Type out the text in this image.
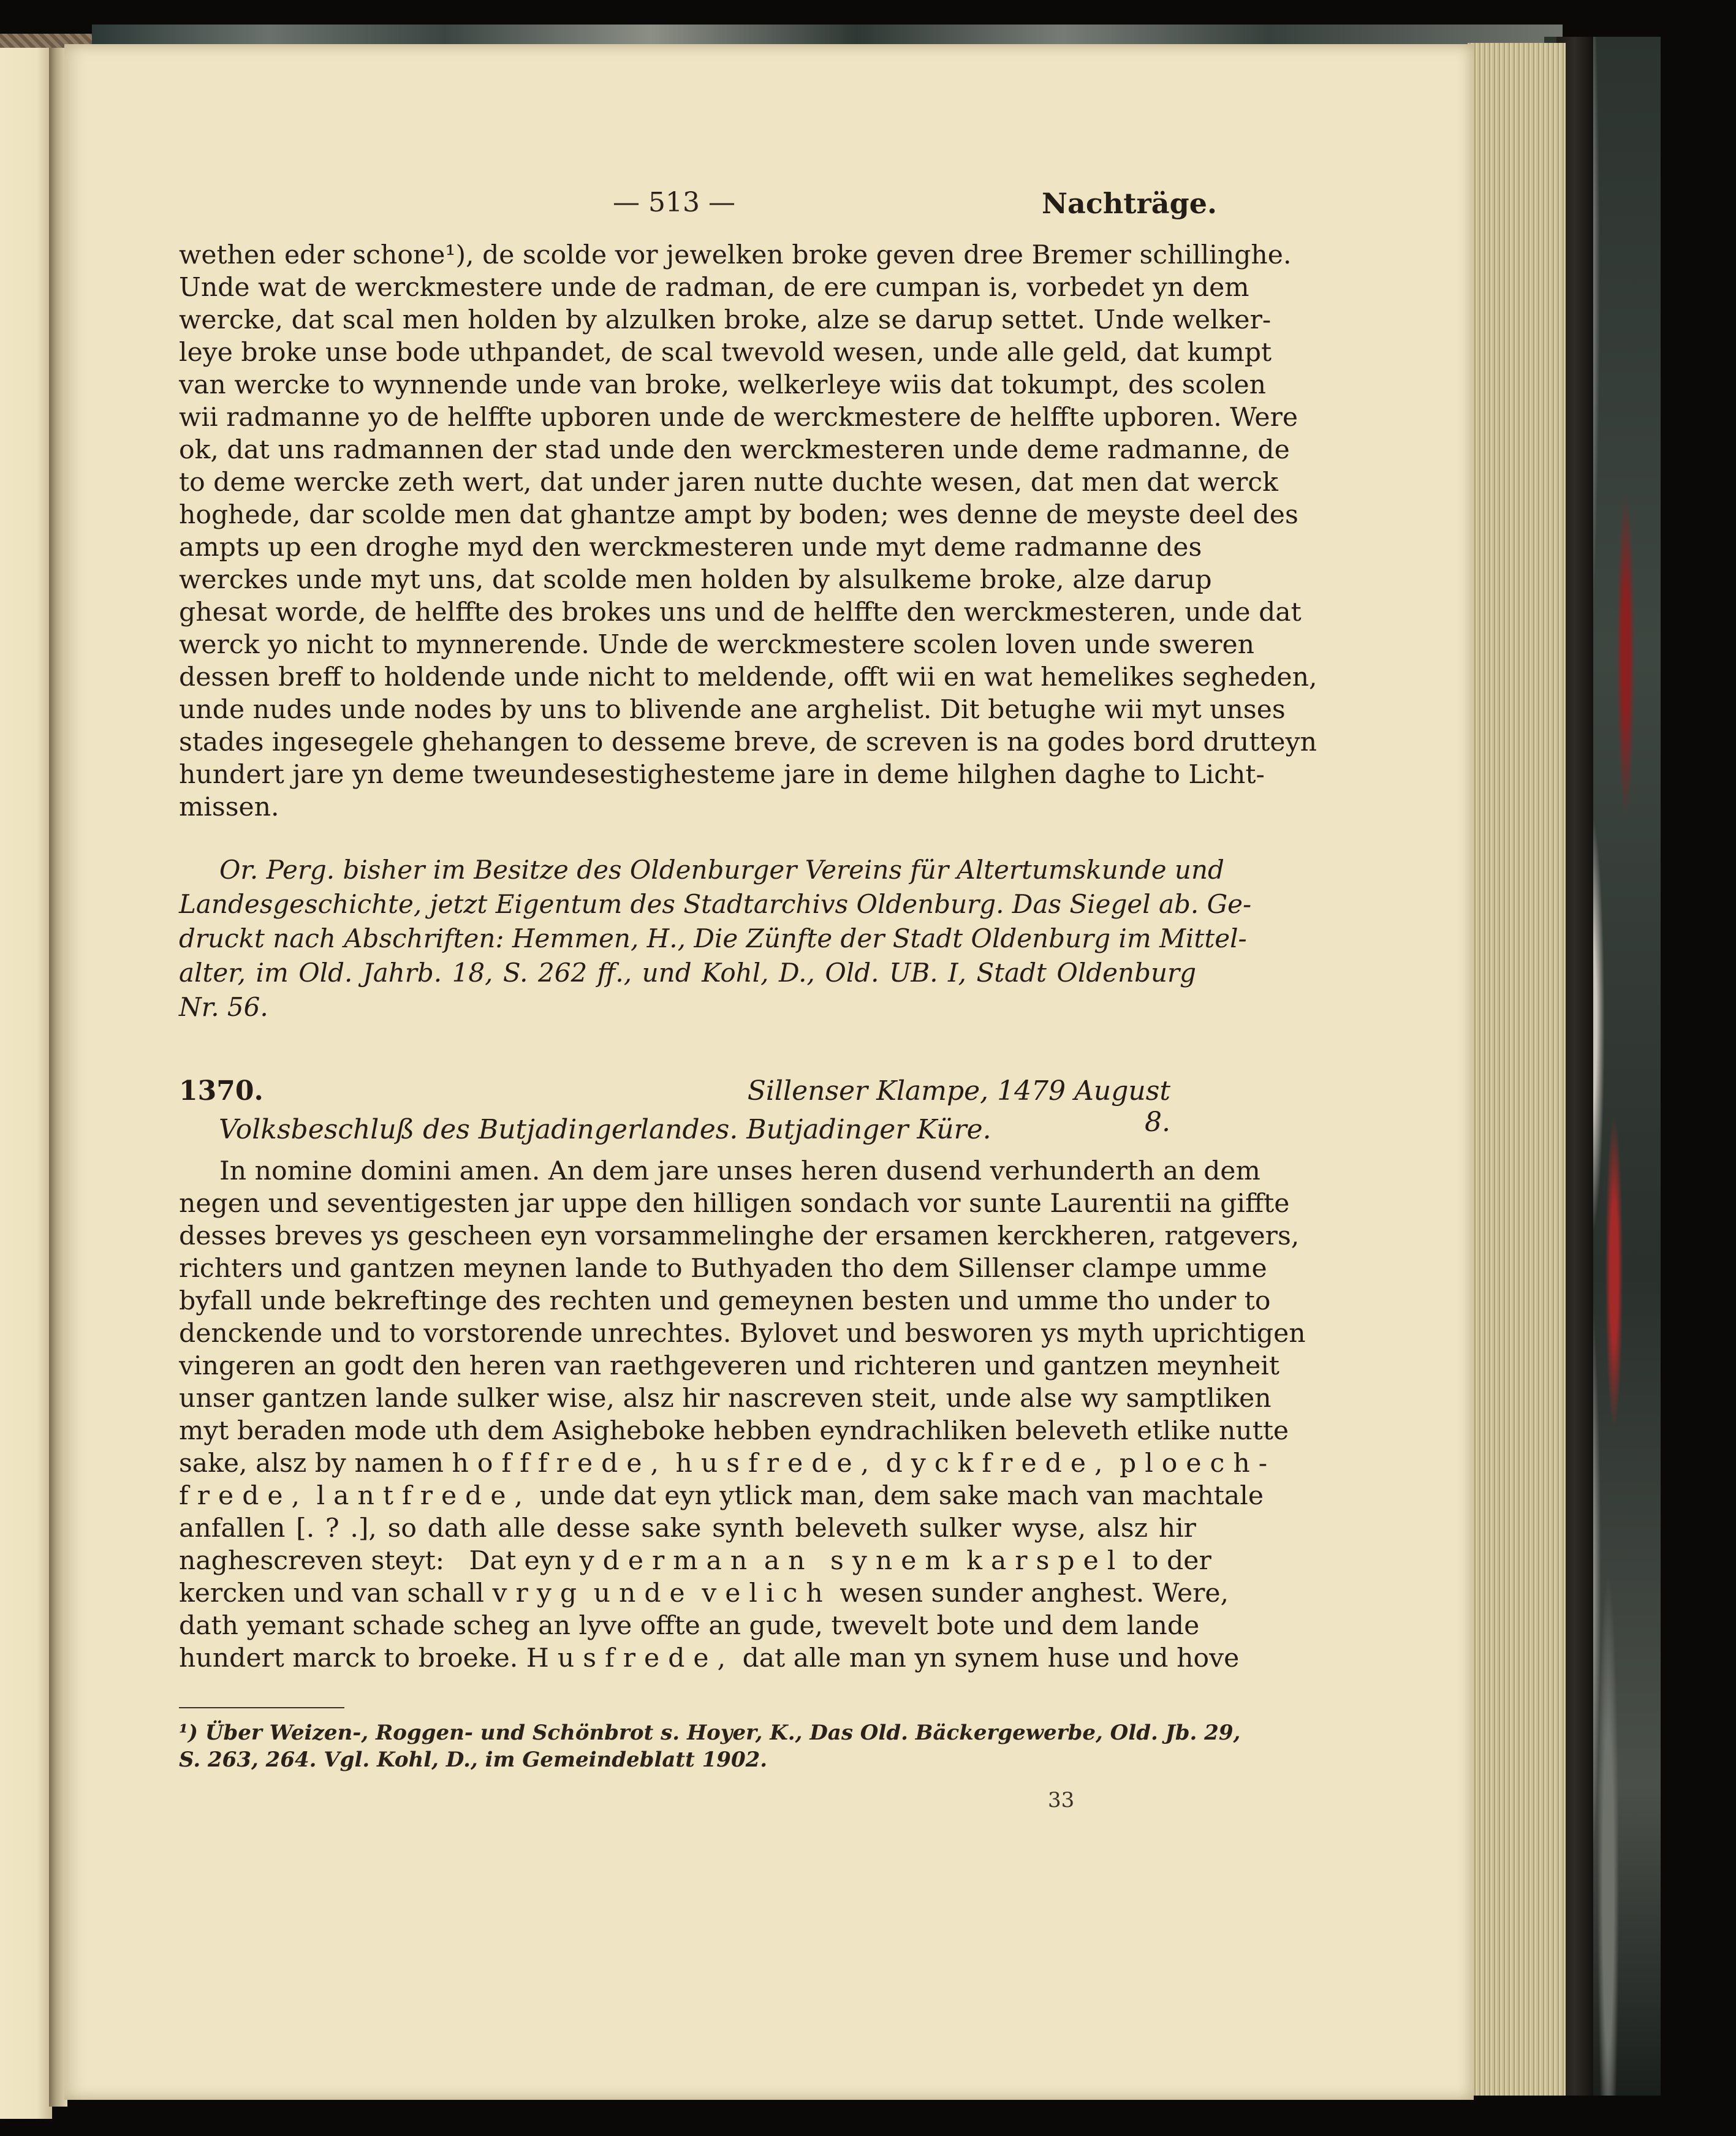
— 513 —	Nachträge.
wethen eder schone¹), de scolde vor jewelken broke geven dree Bremer schillinghe.
Unde wat de werckmestere unde de radman, de ere cumpan is, vorbedet yn dem
wercke, dat scal men holden by alzulken broke, alze se darup settet. Unde welker-
leye broke unse bode uthpandet, de scal twevold wesen, unde alle geld, dat kumpt
van wercke to wynnende unde van broke, welkerleye wiis dat tokumpt, des scolen
wii radmanne yo de helffte upboren unde de werckmestere de helffte upboren. Were
ok, dat uns radmannen der stad unde den werckmesteren unde deme radmanne, de
to deme wercke zeth wert, dat under jaren nutte duchte wesen, dat men dat werck
hoghede, dar scolde men dat ghantze ampt by boden; wes denne de meyste deel des
ampts up een droghe myd den werckmesteren unde myt deme radmanne des
werckes unde myt uns, dat scolde men holden by alsulkeme broke, alze darup
ghesat worde, de helffte des brokes uns und de helffte den werckmesteren, unde dat
werck yo nicht to mynnerende. Unde de werckmestere scolen loven unde sweren
dessen breff to holdende unde nicht to meldende, offt wii en wat hemelikes segheden,
unde nudes unde nodes by uns to blivende ane arghelist. Dit betughe wii myt unses
stades ingesegele ghehangen to desseme breve, de screven is na godes bord drutteyn
hundert jare yn deme tweundesestighesteme jare in deme hilghen daghe to Licht-
missen.
Or. Perg. bisher im Besitze des Oldenburger Vereins für Altertumskunde und
Landesgeschichte, jetzt Eigentum des Stadtarchivs Oldenburg. Das Siegel ab. Ge-
druckt nach Abschriften: Hemmen, H., Die Zünfte der Stadt Oldenburg im Mittel-
alter, im Old. Jahrb. 18, S. 262 ff., und Kohl, D., Old. UB. I, Stadt Oldenburg
Nr. 56.
1370.	Sillenser Klampe, 1479 August 8.
Volksbeschluß des Butjadingerlandes. Butjadinger Küre.
In nomine domini amen. An dem jare unses heren dusend verhunderth an dem
negen und seventigesten jar uppe den hilligen sondach vor sunte Laurentii na giffte
desses breves ys gescheen eyn vorsammelinghe der ersamen kerckheren, ratgevers,
richters und gantzen meynen lande to Buthyaden tho dem Sillenser clampe umme
byfall unde bekreftinge des rechten und gemeynen besten und umme tho under to
denckende und to vorstorende unrechtes. Bylovet und besworen ys myth uprichtigen
vingeren an godt den heren van raethgeveren und richteren und gantzen meynheit
unser gantzen lande sulker wise, alsz hir nascreven steit, unde alse wy samptliken
myt beraden mode uth dem Asigheboke hebben eyndrachliken beleveth etlike nutte
sake, alsz by namen hofffrede, husfrede, dyckfrede, ploech-
frede, lantfrede, unde dat eyn ytlick man, dem sake mach van machtale
anfallen [. ? .], so dath alle desse sake synth beleveth sulker wyse, alsz hir
naghescreven steyt: Dat eyn yderman an synem karspel to der
kercken und van schall vryg unde velich wesen sunder anghest. Were,
dath yemant schade scheg an lyve offte an gude, twevelt bote und dem lande
hundert marck to broeke. Husfrede, dat alle man yn synem huse und hove
¹) Über Weizen-, Roggen- und Schönbrot s. Hoyer, K., Das Old. Bäckergewerbe, Old. Jb. 29,
S. 263, 264. Vgl. Kohl, D., im Gemeindeblatt 1902.
33
